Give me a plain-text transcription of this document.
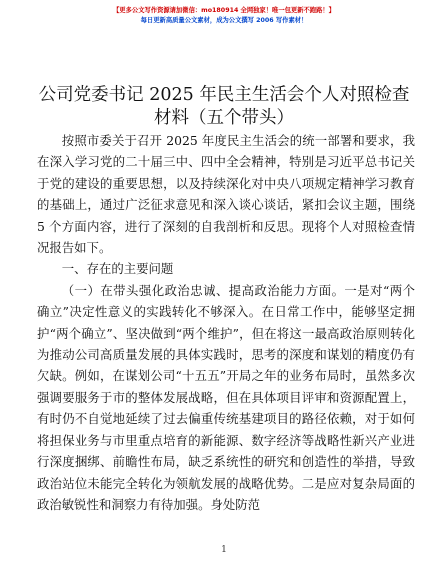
【更多公文写作资源请加微信：mo180914 全网独家！唯一包更新不跑路！】
每日更新高质量公文素材，成为公文撰写 2006 写作素材！
公司党委书记 2025 年民主生活会个人对照检查
材料（五个带头）

按照市委关于召开 2025 年度民主生活会的统一部署和要求，我在深入学习党的二十届三中、四中全会精神，特别是习近平总书记关于党的建设的重要思想，以及持续深化对中央八项规定精神学习教育的基础上，通过广泛征求意见和深入谈心谈话，紧扣会议主题，围绕 5 个方面内容，进行了深刻的自我剖析和反思。现将个人对照检查情况报告如下。

一、存在的主要问题

（一）在带头强化政治忠诚、提高政治能力方面。一是对“两个确立”决定性意义的实践转化不够深入。在日常工作中，能够坚定拥护“两个确立”、坚决做到“两个维护”，但在将这一最高政治原则转化为推动公司高质量发展的具体实践时，思考的深度和谋划的精度仍有欠缺。例如，在谋划公司“十五五”开局之年的业务布局时，虽然多次强调要服务于市的整体发展战略，但在具体项目评审和资源配置上，有时仍不自觉地延续了过去偏重传统基建项目的路径依赖，对于如何将担保业务与市里重点培育的新能源、数字经济等战略性新兴产业进行深度捆绑、前瞻性布局，缺乏系统性的研究和创造性的举措，导致政治站位未能完全转化为领航发展的战略优势。二是应对复杂局面的政治敏锐性和洞察力有待加强。身处防范

1
